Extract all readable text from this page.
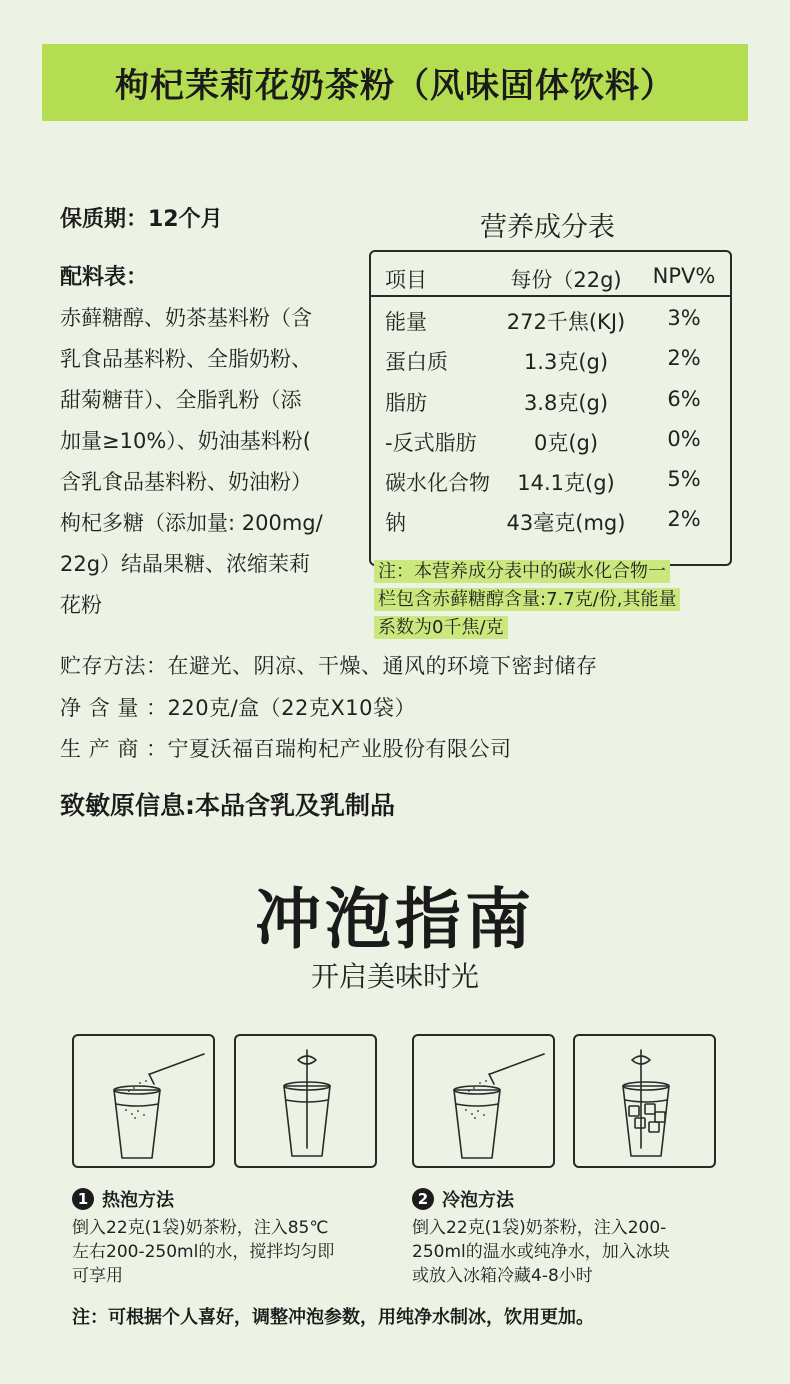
枸杞茉莉花奶茶粉（风味固体饮料）
保质期：12个月
配料表：
赤藓糖醇、奶茶基料粉（含
乳食品基料粉、全脂奶粉、
甜菊糖苷）、全脂乳粉（添
加量≥10%）、奶油基料粉(
含乳食品基料粉、奶油粉）
枸杞多糖（添加量: 200mg/
22g）结晶果糖、浓缩茉莉
花粉
营养成分表
项目	每份（22g)	NPV%
能量	272千焦(KJ)	3%
蛋白质	1.3克(g)	2%
脂肪	3.8克(g)	6%
-反式脂肪	0克(g)	0%
碳水化合物	14.1克(g)	5%
钠	43毫克(mg)	2%
注：本营养成分表中的碳水化合物一
栏包含赤藓糖醇含量:7.7克/份,其能量
系数为0千焦/克
贮存方法：在避光、阴凉、干燥、通风的环境下密封储存
净 含 量 ：220克/盒（22克X10袋）
生 产 商 ：宁夏沃福百瑞枸杞产业股份有限公司
致敏原信息:本品含乳及乳制品
冲泡指南
开启美味时光
1 热泡方法
倒入22克(1袋)奶茶粉，注入85℃
左右200-250ml的水，搅拌均匀即
可享用
2 冷泡方法
倒入22克(1袋)奶茶粉，注入200-
250ml的温水或纯净水，加入冰块
或放入冰箱冷藏4-8小时
注：可根据个人喜好，调整冲泡参数，用纯净水制冰，饮用更加。
